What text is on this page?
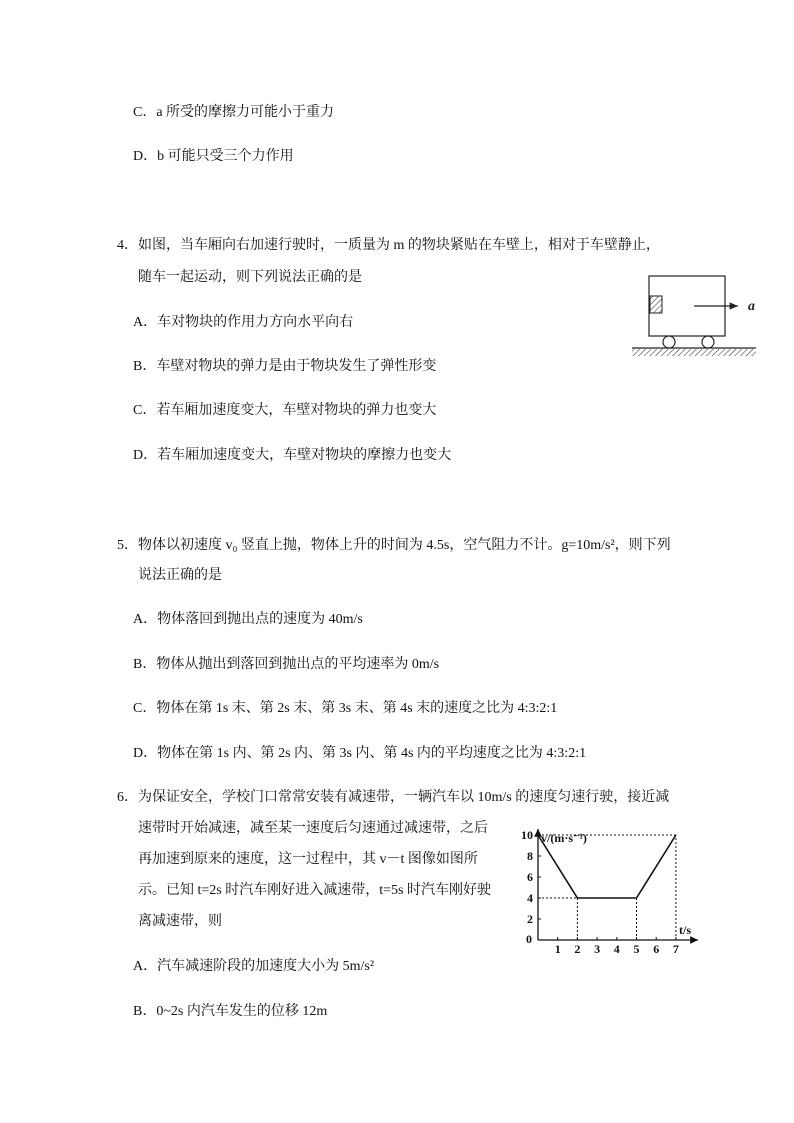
C．a 所受的摩擦力可能小于重力
D．b 可能只受三个力作用
4．如图，当车厢向右加速行驶时，一质量为 m 的物块紧贴在车壁上，相对于车壁静止，
随车一起运动，则下列说法正确的是
A．车对物块的作用力方向水平向右
B．车壁对物块的弹力是由于物块发生了弹性形变
C．若车厢加速度变大，车壁对物块的弹力也变大
D．若车厢加速度变大，车壁对物块的摩擦力也变大
a
5．物体以初速度 v₀ 竖直上抛，物体上升的时间为 4.5s，空气阻力不计。g=10m/s²，则下列
说法正确的是
A．物体落回到抛出点的速度为 40m/s
B．物体从抛出到落回到抛出点的平均速率为 0m/s
C．物体在第 1s 末、第 2s 末、第 3s 末、第 4s 末的速度之比为 4:3:2:1
D．物体在第 1s 内、第 2s 内、第 3s 内、第 4s 内的平均速度之比为 4:3:2:1
6．为保证安全，学校门口常常安装有减速带，一辆汽车以 10m/s 的速度匀速行驶，接近减
速带时开始减速，减至某一速度后匀速通过减速带，之后
再加速到原来的速度，这一过程中，其 v－t 图像如图所
示。已知 t=2s 时汽车刚好进入减速带，t=5s 时汽车刚好驶
离减速带，则
A．汽车减速阶段的加速度大小为 5m/s²
B．0~2s 内汽车发生的位移 12m
1 2 3 4 5 6 7
2
4
6
8
10 v/(m·s⁻¹)
t/s
0
